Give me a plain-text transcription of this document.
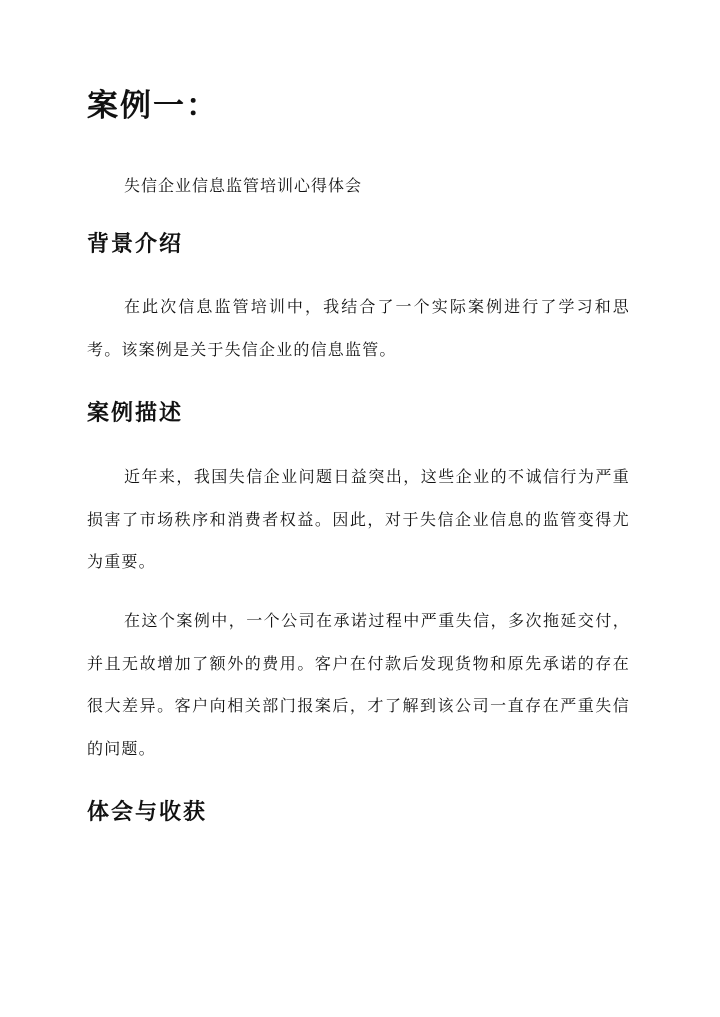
案例一：
失信企业信息监管培训心得体会
背景介绍

在此次信息监管培训中，我结合了一个实际案例进行了学习和思考。该案例是关于失信企业的信息监管。

案例描述

近年来，我国失信企业问题日益突出，这些企业的不诚信行为严重损害了市场秩序和消费者权益。因此，对于失信企业信息的监管变得尤为重要。

在这个案例中，一个公司在承诺过程中严重失信，多次拖延交付，并且无故增加了额外的费用。客户在付款后发现货物和原先承诺的存在很大差异。客户向相关部门报案后，才了解到该公司一直存在严重失信的问题。

体会与收获
